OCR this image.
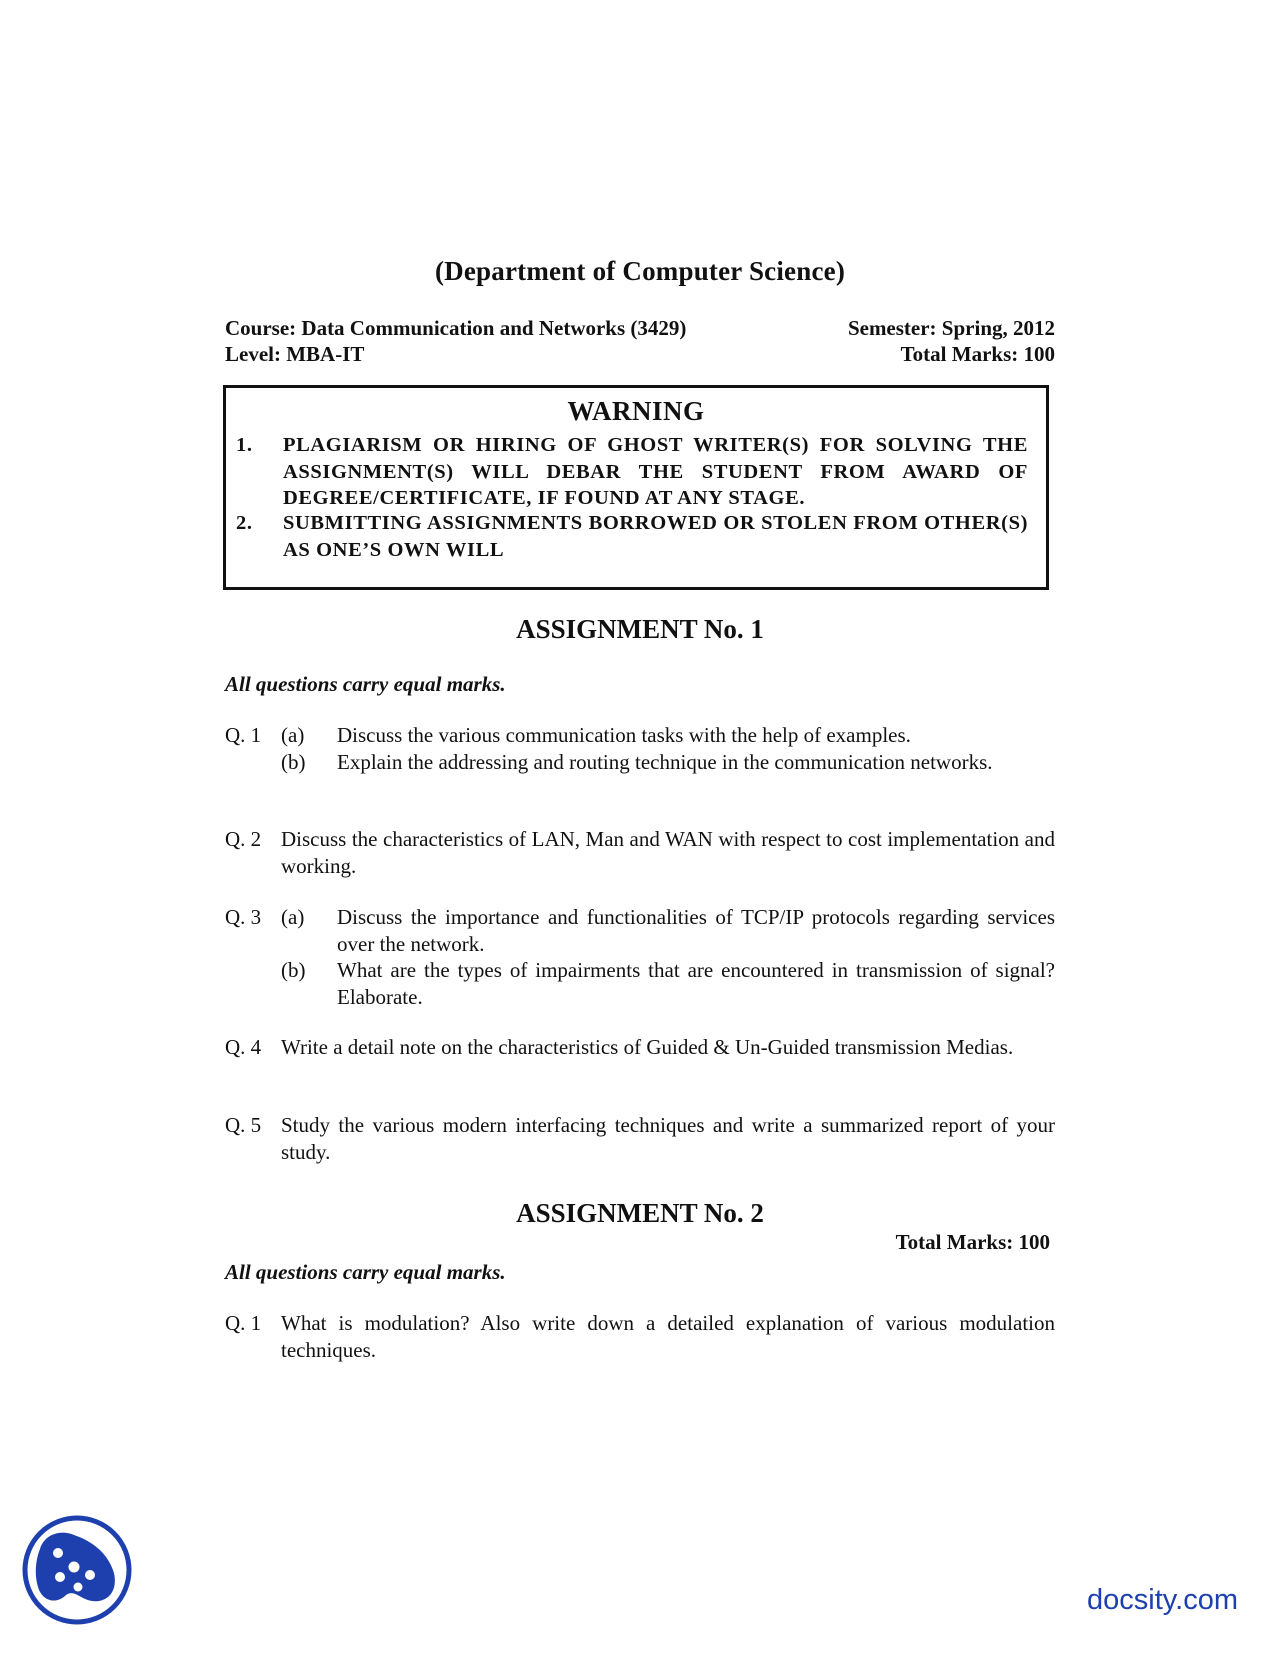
(Department of Computer Science)
Course: Data Communication and Networks (3429)	Semester: Spring, 2012
Level: MBA-IT	Total Marks: 100
WARNING
1. PLAGIARISM OR HIRING OF GHOST WRITER(S) FOR SOLVING THE ASSIGNMENT(S) WILL DEBAR THE STUDENT FROM AWARD OF DEGREE/CERTIFICATE, IF FOUND AT ANY STAGE.
2. SUBMITTING ASSIGNMENTS BORROWED OR STOLEN FROM OTHER(S) AS ONE’S OWN WILL
ASSIGNMENT No. 1
All questions carry equal marks.
Q. 1 (a) Discuss the various communication tasks with the help of examples.
(b) Explain the addressing and routing technique in the communication networks.
Q. 2 Discuss the characteristics of LAN, Man and WAN with respect to cost implementation and working.
Q. 3 (a) Discuss the importance and functionalities of TCP/IP protocols regarding services over the network.
(b) What are the types of impairments that are encountered in transmission of signal? Elaborate.
Q. 4 Write a detail note on the characteristics of Guided & Un-Guided transmission Medias.
Q. 5 Study the various modern interfacing techniques and write a summarized report of your study.
ASSIGNMENT No. 2
Total Marks: 100
All questions carry equal marks.
Q. 1 What is modulation? Also write down a detailed explanation of various modulation techniques.
docsity.com
